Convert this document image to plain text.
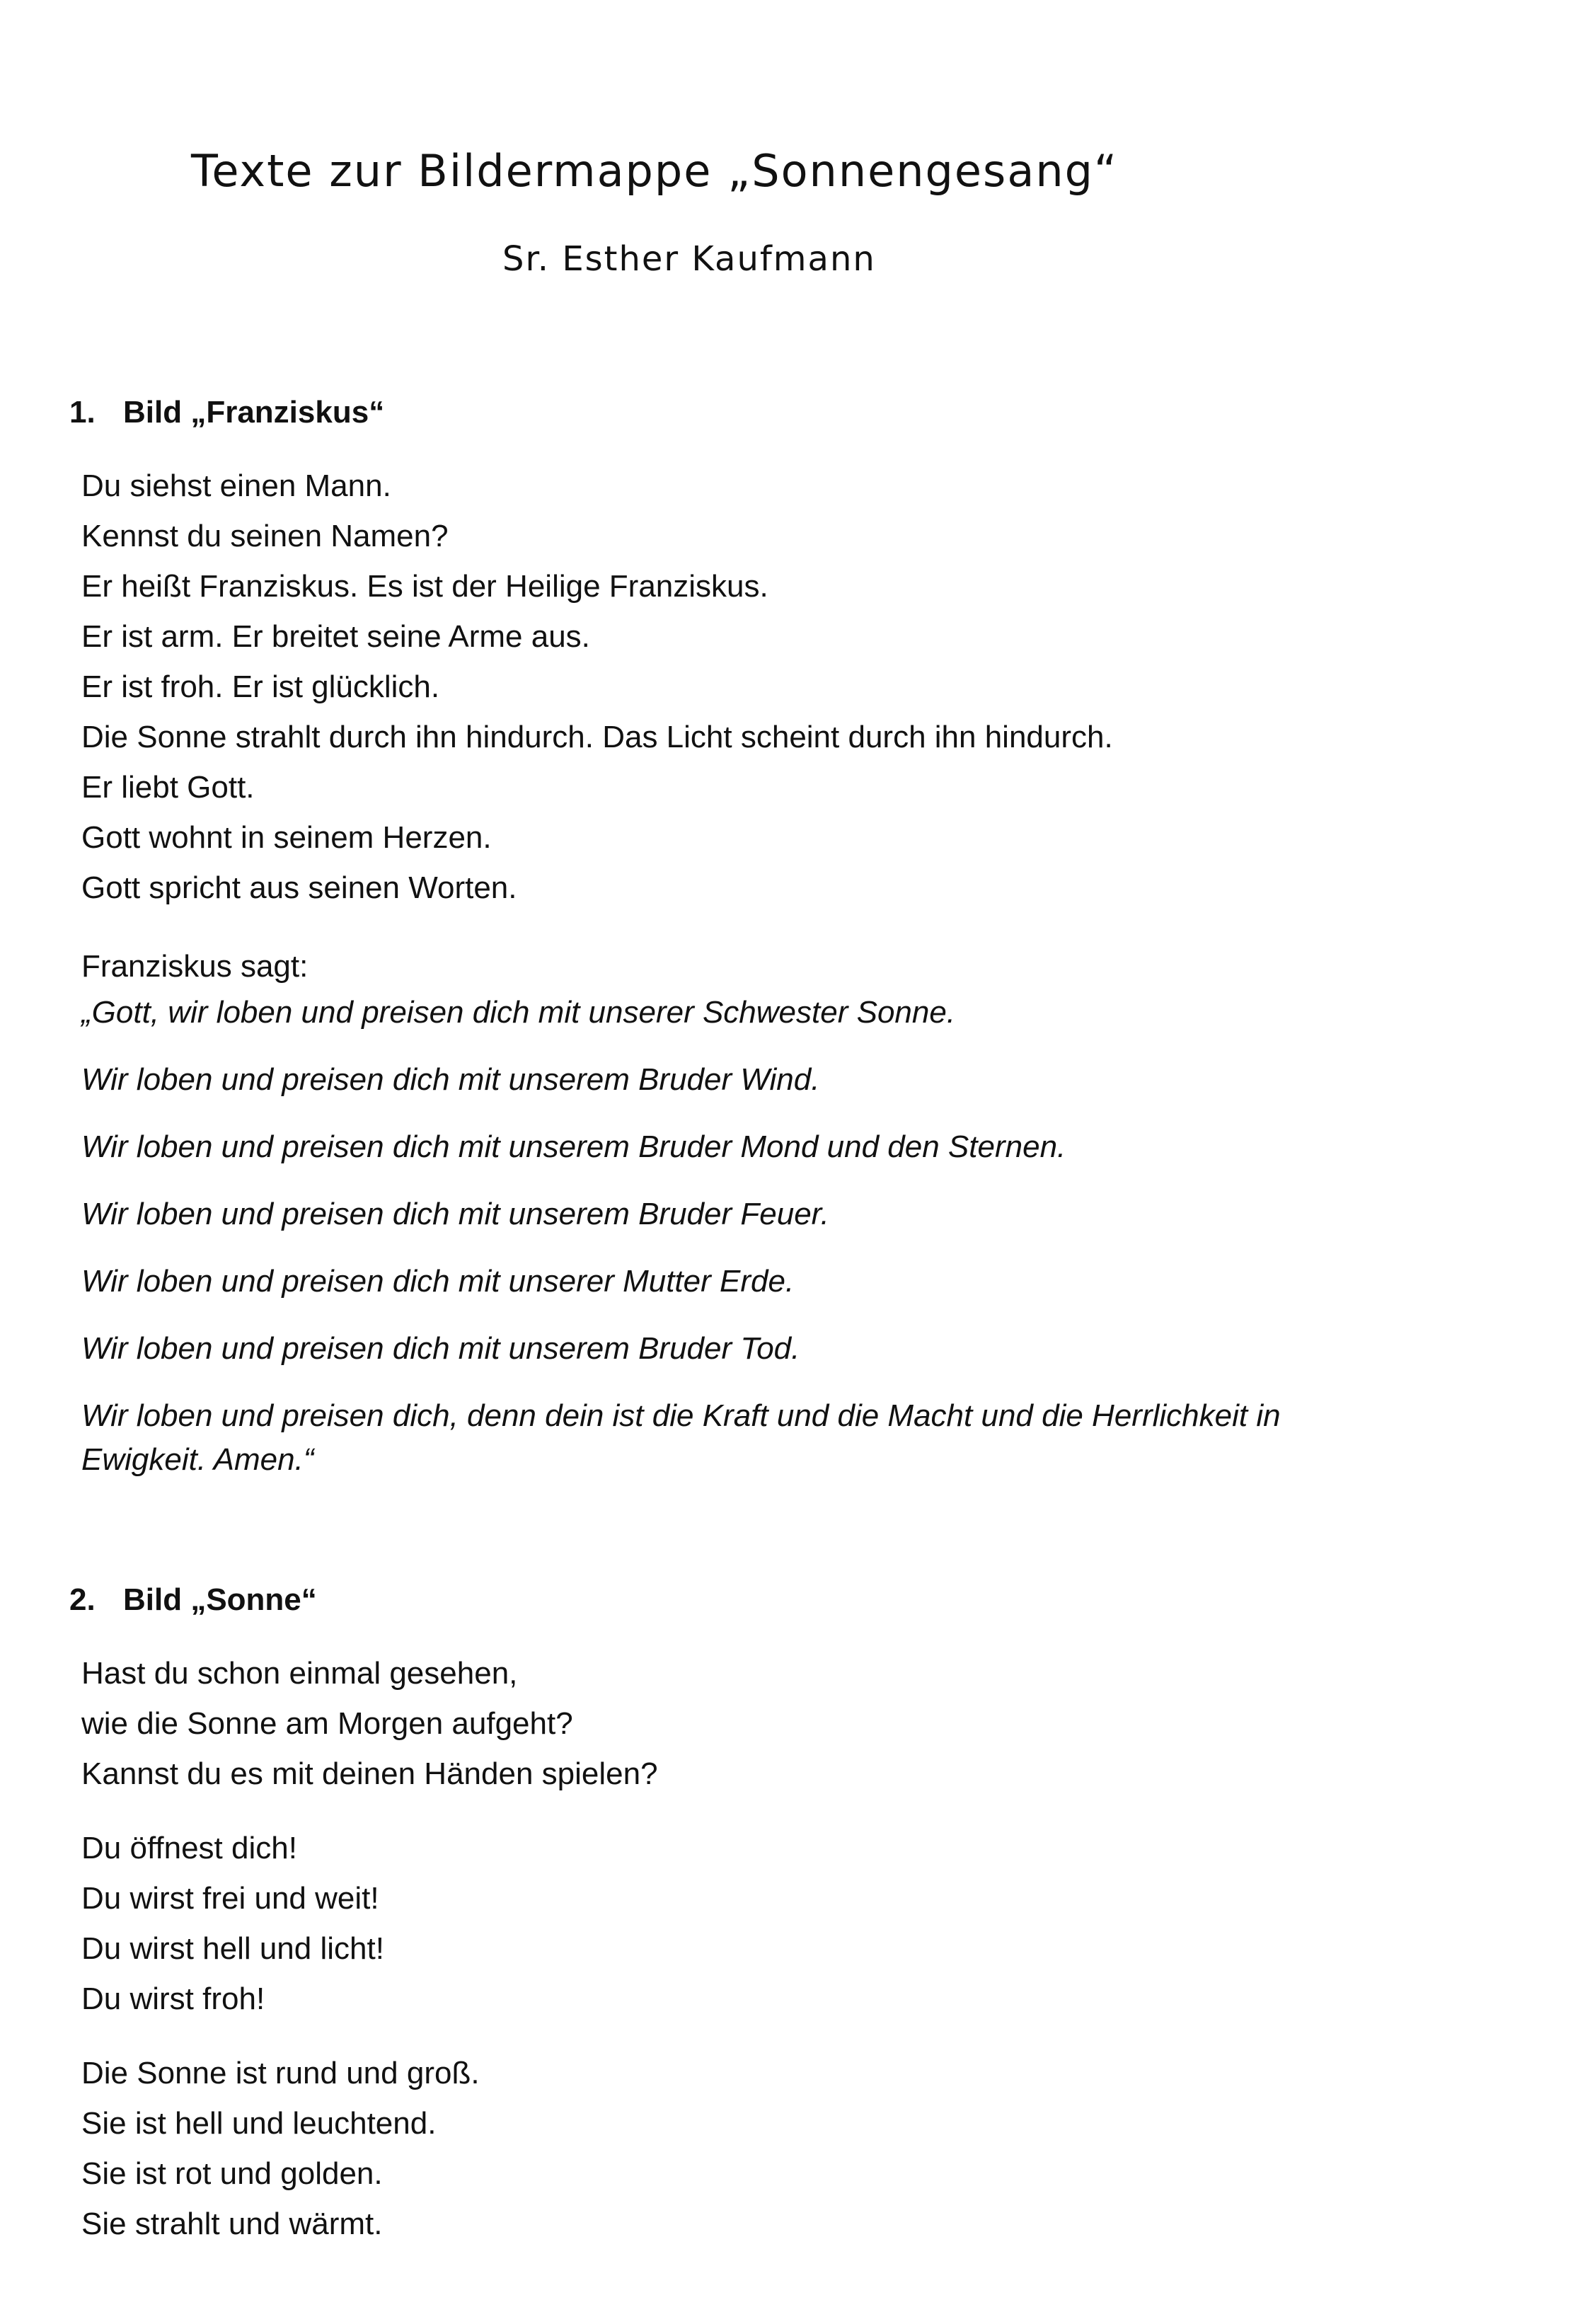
Texte zur Bildermappe „Sonnengesang“
Sr. Esther Kaufmann
1. Bild „Franziskus“
Du siehst einen Mann.
Kennst du seinen Namen?
Er heißt Franziskus. Es ist der Heilige Franziskus.
Er ist arm. Er breitet seine Arme aus.
Er ist froh. Er ist glücklich.
Die Sonne strahlt durch ihn hindurch. Das Licht scheint durch ihn hindurch.
Er liebt Gott.
Gott wohnt in seinem Herzen.
Gott spricht aus seinen Worten.
Franziskus sagt:
„Gott, wir loben und preisen dich mit unserer Schwester Sonne.
Wir loben und preisen dich mit unserem Bruder Wind.
Wir loben und preisen dich mit unserem Bruder Mond und den Sternen.
Wir loben und preisen dich mit unserem Bruder Feuer.
Wir loben und preisen dich mit unserer Mutter Erde.
Wir loben und preisen dich mit unserem Bruder Tod.
Wir loben und preisen dich, denn dein ist die Kraft und die Macht und die Herrlichkeit in Ewigkeit. Amen.“
2. Bild „Sonne“
Hast du schon einmal gesehen,
wie die Sonne am Morgen aufgeht?
Kannst du es mit deinen Händen spielen?
Du öffnest dich!
Du wirst frei und weit!
Du wirst hell und licht!
Du wirst froh!
Die Sonne ist rund und groß.
Sie ist hell und leuchtend.
Sie ist rot und golden.
Sie strahlt und wärmt.
